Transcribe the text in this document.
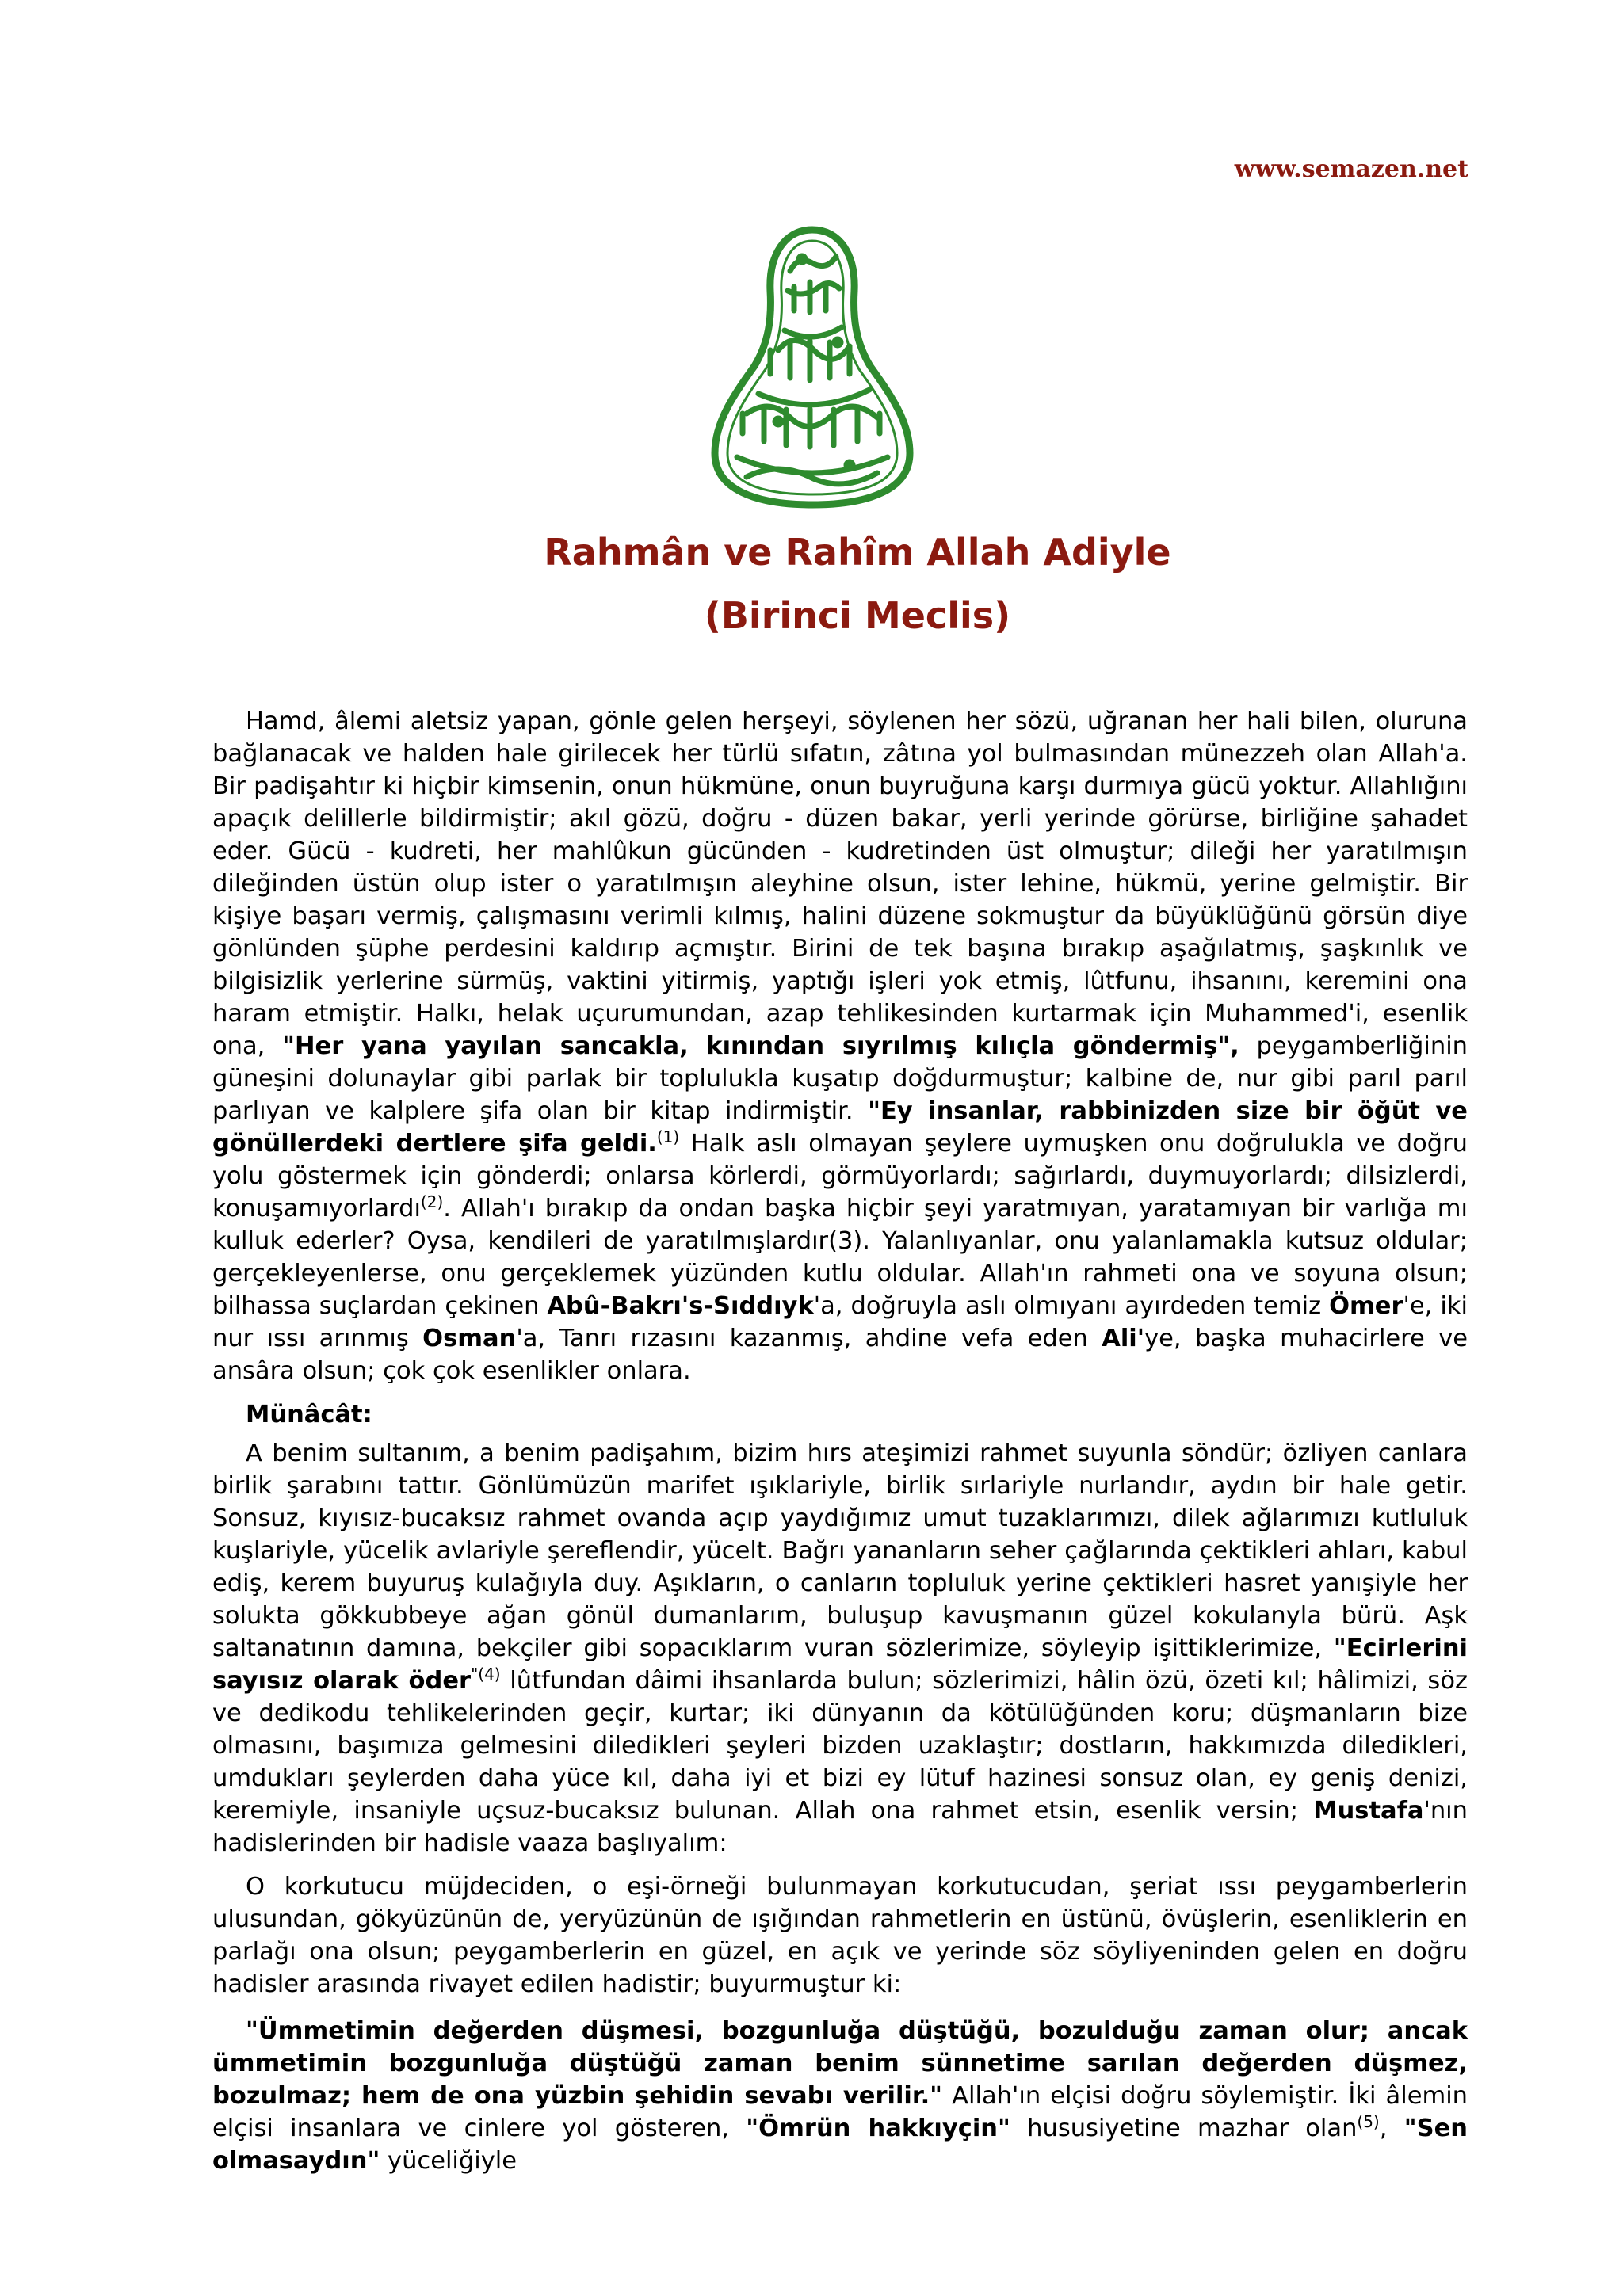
www.semazen.net
Rahmân ve Rahîm Allah Adiyle
(Birinci Meclis)

Hamd, âlemi aletsiz yapan, gönle gelen herşeyi, söylenen her sözü, uğranan her hali bilen, oluruna bağlanacak ve halden hale girilecek her türlü sıfatın, zâtına yol bulmasından münezzeh olan Allah'a. Bir padişahtır ki hiçbir kimsenin, onun hükmüne, onun buyruğuna karşı durmıya gücü yoktur. Allahlığını apaçık delillerle bildirmiştir; akıl gözü, doğru - düzen bakar, yerli yerinde görürse, birliğine şahadet eder. Gücü - kudreti, her mahlûkun gücünden - kudretinden üst olmuştur; dileği her yaratılmışın dileğinden üstün olup ister o yaratılmışın aleyhine olsun, ister lehine, hükmü, yerine gelmiştir. Bir kişiye başarı vermiş, çalışmasını verimli kılmış, halini düzene sokmuştur da büyüklüğünü görsün diye gönlünden şüphe perdesini kaldırıp açmıştır. Birini de tek başına bırakıp aşağılatmış, şaşkınlık ve bilgisizlik yerlerine sürmüş, vaktini yitirmiş, yaptığı işleri yok etmiş, lûtfunu, ihsanını, keremini ona haram etmiştir. Halkı, helak uçurumundan, azap tehlikesinden kurtarmak için Muhammed'i, esenlik ona, "Her yana yayılan sancakla, kınından sıyrılmış kılıçla göndermiş", peygamberliğinin güneşini dolunaylar gibi parlak bir toplulukla kuşatıp doğdurmuştur; kalbine de, nur gibi parıl parıl parlıyan ve kalplere şifa olan bir kitap indirmiştir. "Ey insanlar, rabbinizden size bir öğüt ve gönüllerdeki dertlere şifa geldi.$^{(1)}$ Halk aslı olmayan şeylere uymuşken onu doğrulukla ve doğru yolu göstermek için gönderdi; onlarsa körlerdi, görmüyorlardı; sağırlardı, duymuyorlardı; dilsizlerdi, konuşamıyorlardı$^{(2)}$. Allah'ı bırakıp da ondan başka hiçbir şeyi yaratmıyan, yaratamıyan bir varlığa mı kulluk ederler? Oysa, kendileri de yaratılmışlardır(3). Yalanlıyanlar, onu yalanlamakla kutsuz oldular; gerçekleyenlerse, onu gerçeklemek yüzünden kutlu oldular. Allah'ın rahmeti ona ve soyuna olsun; bilhassa suçlardan çekinen Abû-Bakrı's-Sıddıyk'a, doğruyla aslı olmıyanı ayırdeden temiz Ömer'e, iki nur ıssı arınmış Osman'a, Tanrı rızasını kazanmış, ahdine vefa eden Ali'ye, başka muhacirlere ve ansâra olsun; çok çok esenlikler onlara.

Münâcât:

A benim sultanım, a benim padişahım, bizim hırs ateşimizi rahmet suyunla söndür; özliyen canlara birlik şarabını tattır. Gönlümüzün marifet ışıklariyle, birlik sırlariyle nurlandır, aydın bir hale getir. Sonsuz, kıyısız-bucaksız rahmet ovanda açıp yaydığımız umut tuzaklarımızı, dilek ağlarımızı kutluluk kuşlariyle, yücelik avlariyle şereflendir, yücelt. Bağrı yananların seher çağlarında çektikleri ahları, kabul ediş, kerem buyuruş kulağıyla duy. Aşıkların, o canların topluluk yerine çektikleri hasret yanışiyle her solukta gökkubbeye ağan gönül dumanlarım, buluşup kavuşmanın güzel kokulanyla bürü. Aşk saltanatının damına, bekçiler gibi sopacıklarım vuran sözlerimize, söyleyip işittiklerimize, "Ecirlerini sayısız olarak öder$^{"(4)}$ lûtfundan dâimi ihsanlarda bulun; sözlerimizi, hâlin özü, özeti kıl; hâlimizi, söz ve dedikodu tehlikelerinden geçir, kurtar; iki dünyanın da kötülüğünden koru; düşmanların bize olmasını, başımıza gelmesini diledikleri şeyleri bizden uzaklaştır; dostların, hakkımızda diledikleri, umdukları şeylerden daha yüce kıl, daha iyi et bizi ey lütuf hazinesi sonsuz olan, ey geniş denizi, keremiyle, insaniyle uçsuz-bucaksız bulunan. Allah ona rahmet etsin, esenlik versin; Mustafa'nın hadislerinden bir hadisle vaaza başlıyalım:

O korkutucu müjdeciden, o eşi-örneği bulunmayan korkutucudan, şeriat ıssı peygamberlerin ulusundan, gökyüzünün de, yeryüzünün de ışığından rahmetlerin en üstünü, övüşlerin, esenliklerin en parlağı ona olsun; peygamberlerin en güzel, en açık ve yerinde söz söyliyeninden gelen en doğru hadisler arasında rivayet edilen hadistir; buyurmuştur ki:

"Ümmetimin değerden düşmesi, bozgunluğa düştüğü, bozulduğu zaman olur; ancak ümmetimin bozgunluğa düştüğü zaman benim sünnetime sarılan değerden düşmez, bozulmaz; hem de ona yüzbin şehidin sevabı verilir." Allah'ın elçisi doğru söylemiştir. İki âlemin elçisi insanlara ve cinlere yol gösteren, "Ömrün hakkıyçin" hususiyetine mazhar olan$^{(5)}$, "Sen olmasaydın" yüceliğiyle
